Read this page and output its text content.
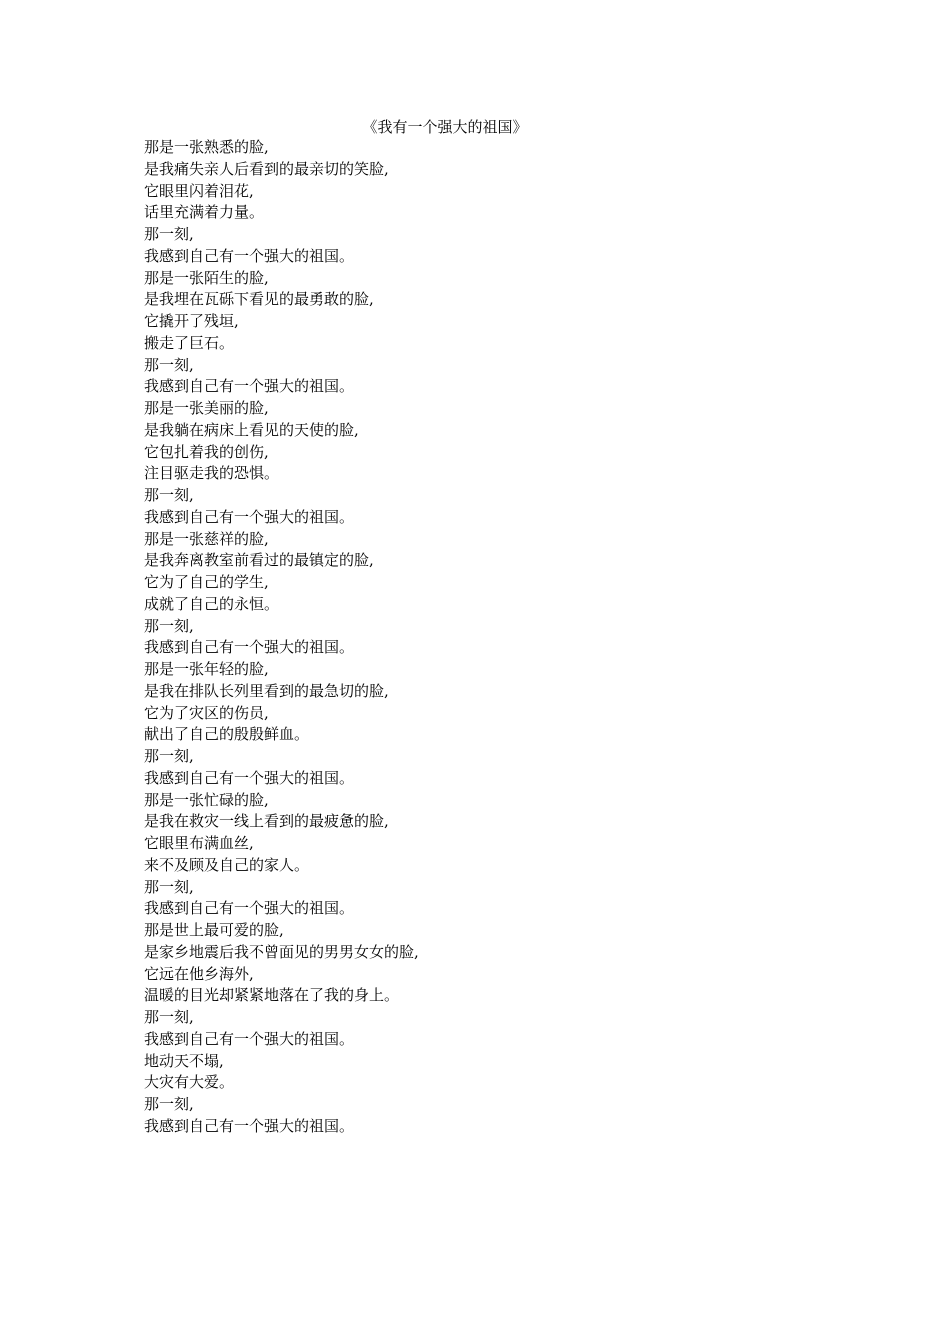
《我有一个强大的祖国》
那是一张熟悉的脸,
是我痛失亲人后看到的最亲切的笑脸,
它眼里闪着泪花,
话里充满着力量。
那一刻,
我感到自己有一个强大的祖国。
那是一张陌生的脸,
是我埋在瓦砾下看见的最勇敢的脸,
它撬开了残垣,
搬走了巨石。
那一刻,
我感到自己有一个强大的祖国。
那是一张美丽的脸,
是我躺在病床上看见的天使的脸,
它包扎着我的创伤,
注目驱走我的恐惧。
那一刻,
我感到自己有一个强大的祖国。
那是一张慈祥的脸,
是我奔离教室前看过的最镇定的脸,
它为了自己的学生,
成就了自己的永恒。
那一刻,
我感到自己有一个强大的祖国。
那是一张年轻的脸,
是我在排队长列里看到的最急切的脸,
它为了灾区的伤员,
献出了自己的殷殷鲜血。
那一刻,
我感到自己有一个强大的祖国。
那是一张忙碌的脸,
是我在救灾一线上看到的最疲惫的脸,
它眼里布满血丝,
来不及顾及自己的家人。
那一刻,
我感到自己有一个强大的祖国。
那是世上最可爱的脸,
是家乡地震后我不曾面见的男男女女的脸,
它远在他乡海外,
温暖的目光却紧紧地落在了我的身上。
那一刻,
我感到自己有一个强大的祖国。
地动天不塌,
大灾有大爱。
那一刻,
我感到自己有一个强大的祖国。
